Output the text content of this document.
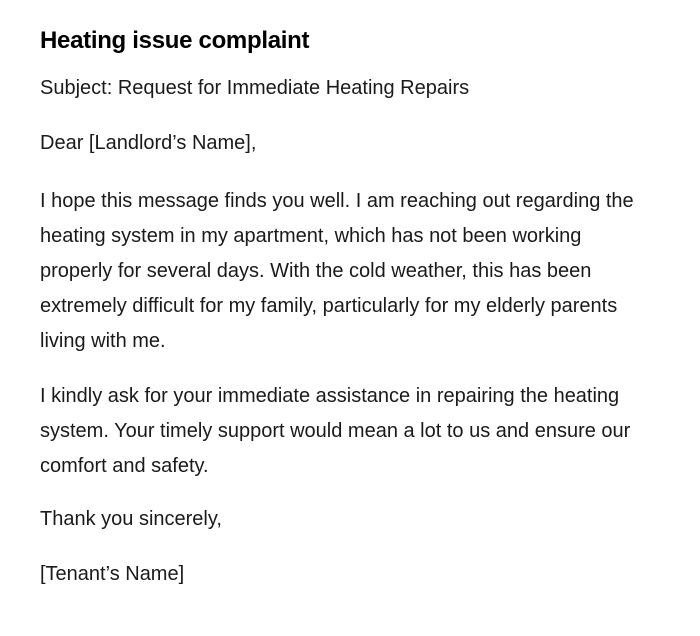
Heating issue complaint

Subject: Request for Immediate Heating Repairs

Dear [Landlord’s Name],

I hope this message finds you well. I am reaching out regarding the heating system in my apartment, which has not been working properly for several days. With the cold weather, this has been extremely difficult for my family, particularly for my elderly parents living with me.

I kindly ask for your immediate assistance in repairing the heating system. Your timely support would mean a lot to us and ensure our comfort and safety.

Thank you sincerely,

[Tenant’s Name]
